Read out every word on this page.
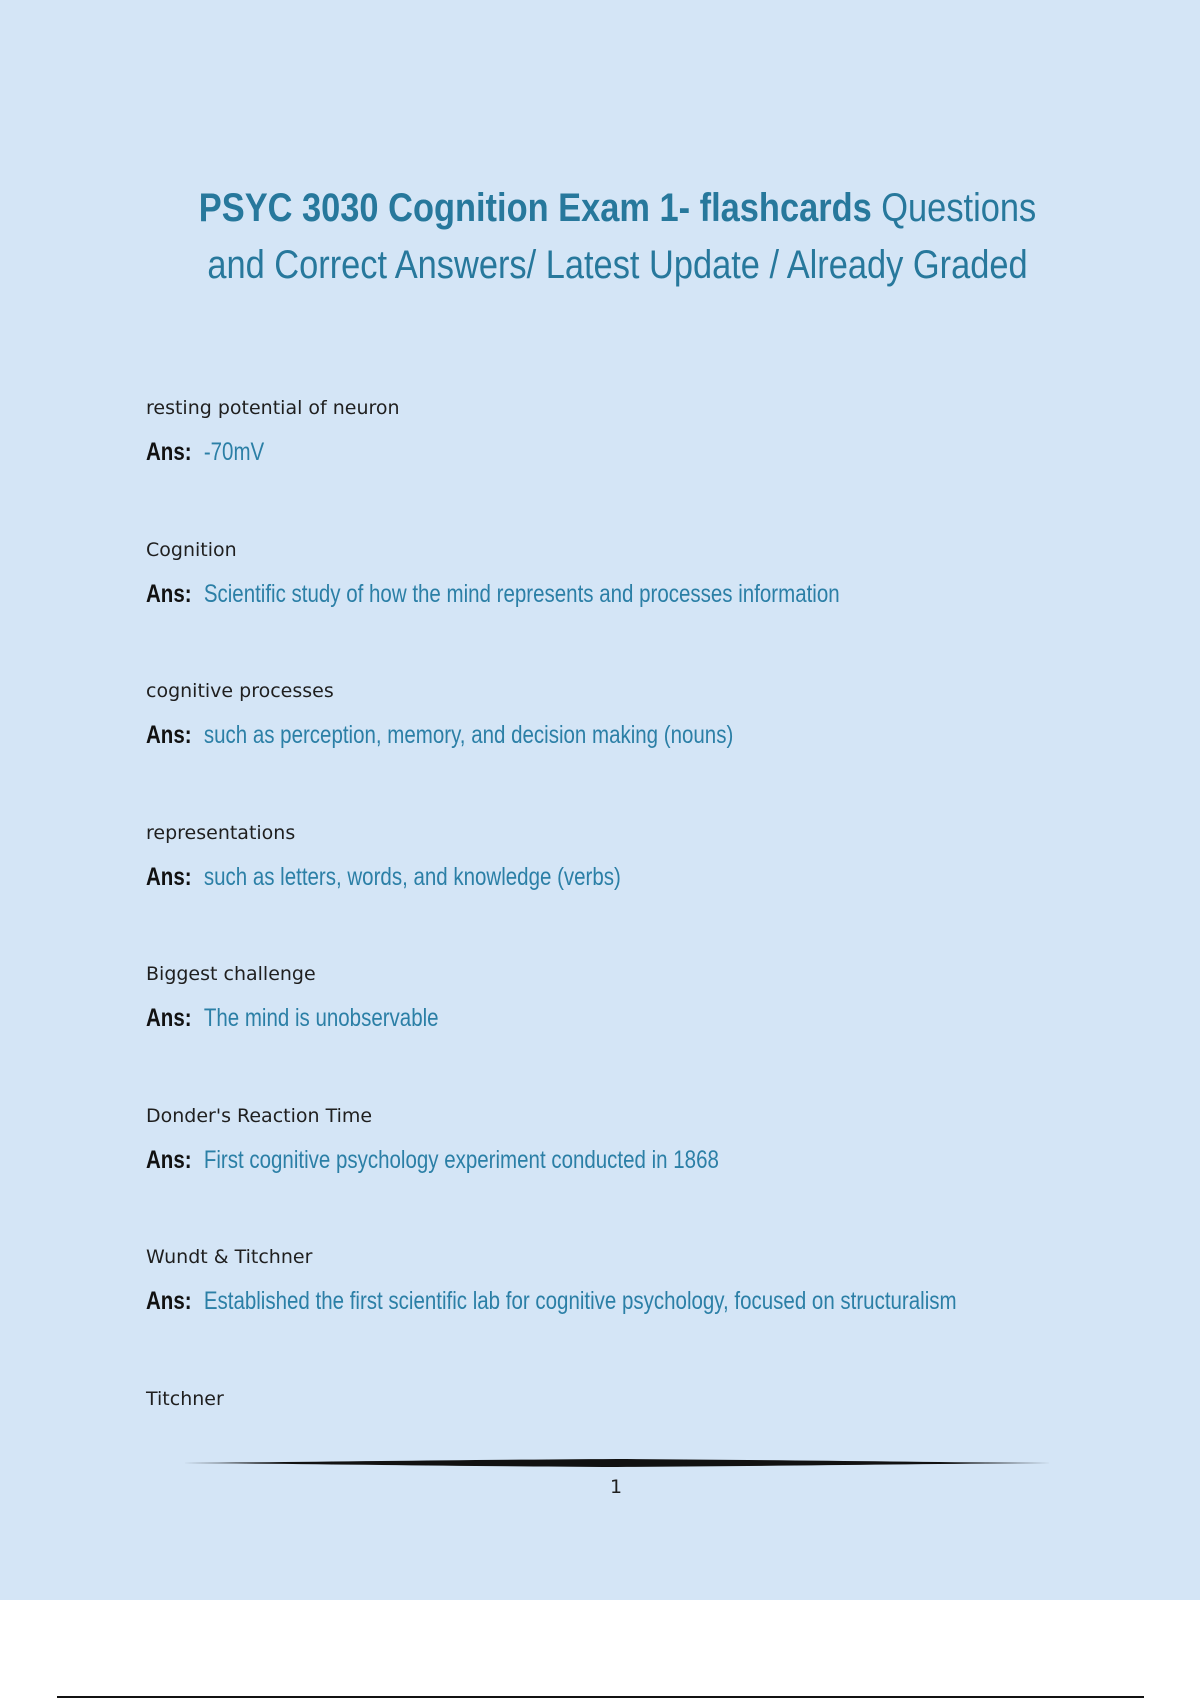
PSYC 3030 Cognition Exam 1- flashcards Questions and Correct Answers/ Latest Update / Already Graded
resting potential of neuron
Ans: -70mV
Cognition
Ans: Scientific study of how the mind represents and processes information
cognitive processes
Ans: such as perception, memory, and decision making (nouns)
representations
Ans: such as letters, words, and knowledge (verbs)
Biggest challenge
Ans: The mind is unobservable
Donder's Reaction Time
Ans: First cognitive psychology experiment conducted in 1868
Wundt & Titchner
Ans: Established the first scientific lab for cognitive psychology, focused on structuralism
Titchner
1
